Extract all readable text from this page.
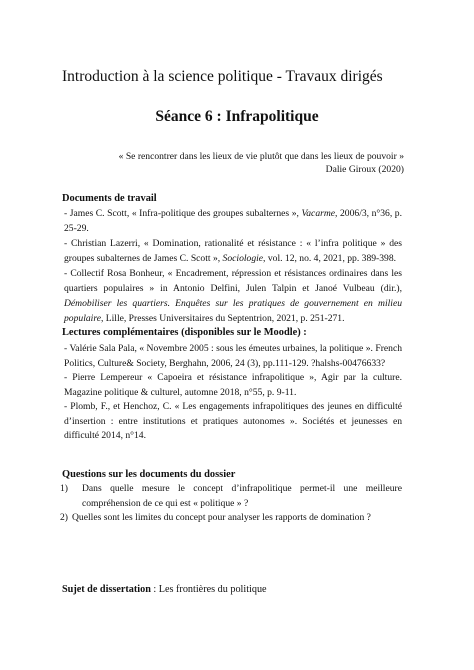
Introduction à la science politique - Travaux dirigés
Séance 6 : Infrapolitique
« Se rencontrer dans les lieux de vie plutôt que dans les lieux de pouvoir »
Dalie Giroux (2020)
Documents de travail
- James C. Scott, « Infra-politique des groupes subalternes », Vacarme, 2006/3, n°36, p. 25-29.
- Christian Lazerri, « Domination, rationalité et résistance : « l’infra politique » des groupes subalternes de James C. Scott », Sociologie, vol. 12, no. 4, 2021, pp. 389-398.
- Collectif Rosa Bonheur, « Encadrement, répression et résistances ordinaires dans les quartiers populaires » in Antonio Delfini, Julen Talpin et Janoé Vulbeau (dir.), Démobiliser les quartiers. Enquêtes sur les pratiques de gouvernement en milieu populaire, Lille, Presses Universitaires du Septentrion, 2021, p. 251-271.
Lectures complémentaires (disponibles sur le Moodle) :
- Valérie Sala Pala, « Novembre 2005 : sous les émeutes urbaines, la politique ». French Politics, Culture& Society, Berghahn, 2006, 24 (3), pp.111-129. ?halshs-00476633?
- Pierre Lempereur « Capoeira et résistance infrapolitique », Agir par la culture. Magazine politique & culturel, automne 2018, n°55, p. 9-11.
- Plomb, F., et Henchoz, C. « Les engagements infrapolitiques des jeunes en difficulté d’insertion : entre institutions et pratiques autonomes ». Sociétés et jeunesses en difficulté 2014, n°14.
Questions sur les documents du dossier
1)	Dans quelle mesure le concept d’infrapolitique permet-il une meilleure compréhension de ce qui est « politique » ?
2) Quelles sont les limites du concept pour analyser les rapports de domination ?
Sujet de dissertation : Les frontières du politique
